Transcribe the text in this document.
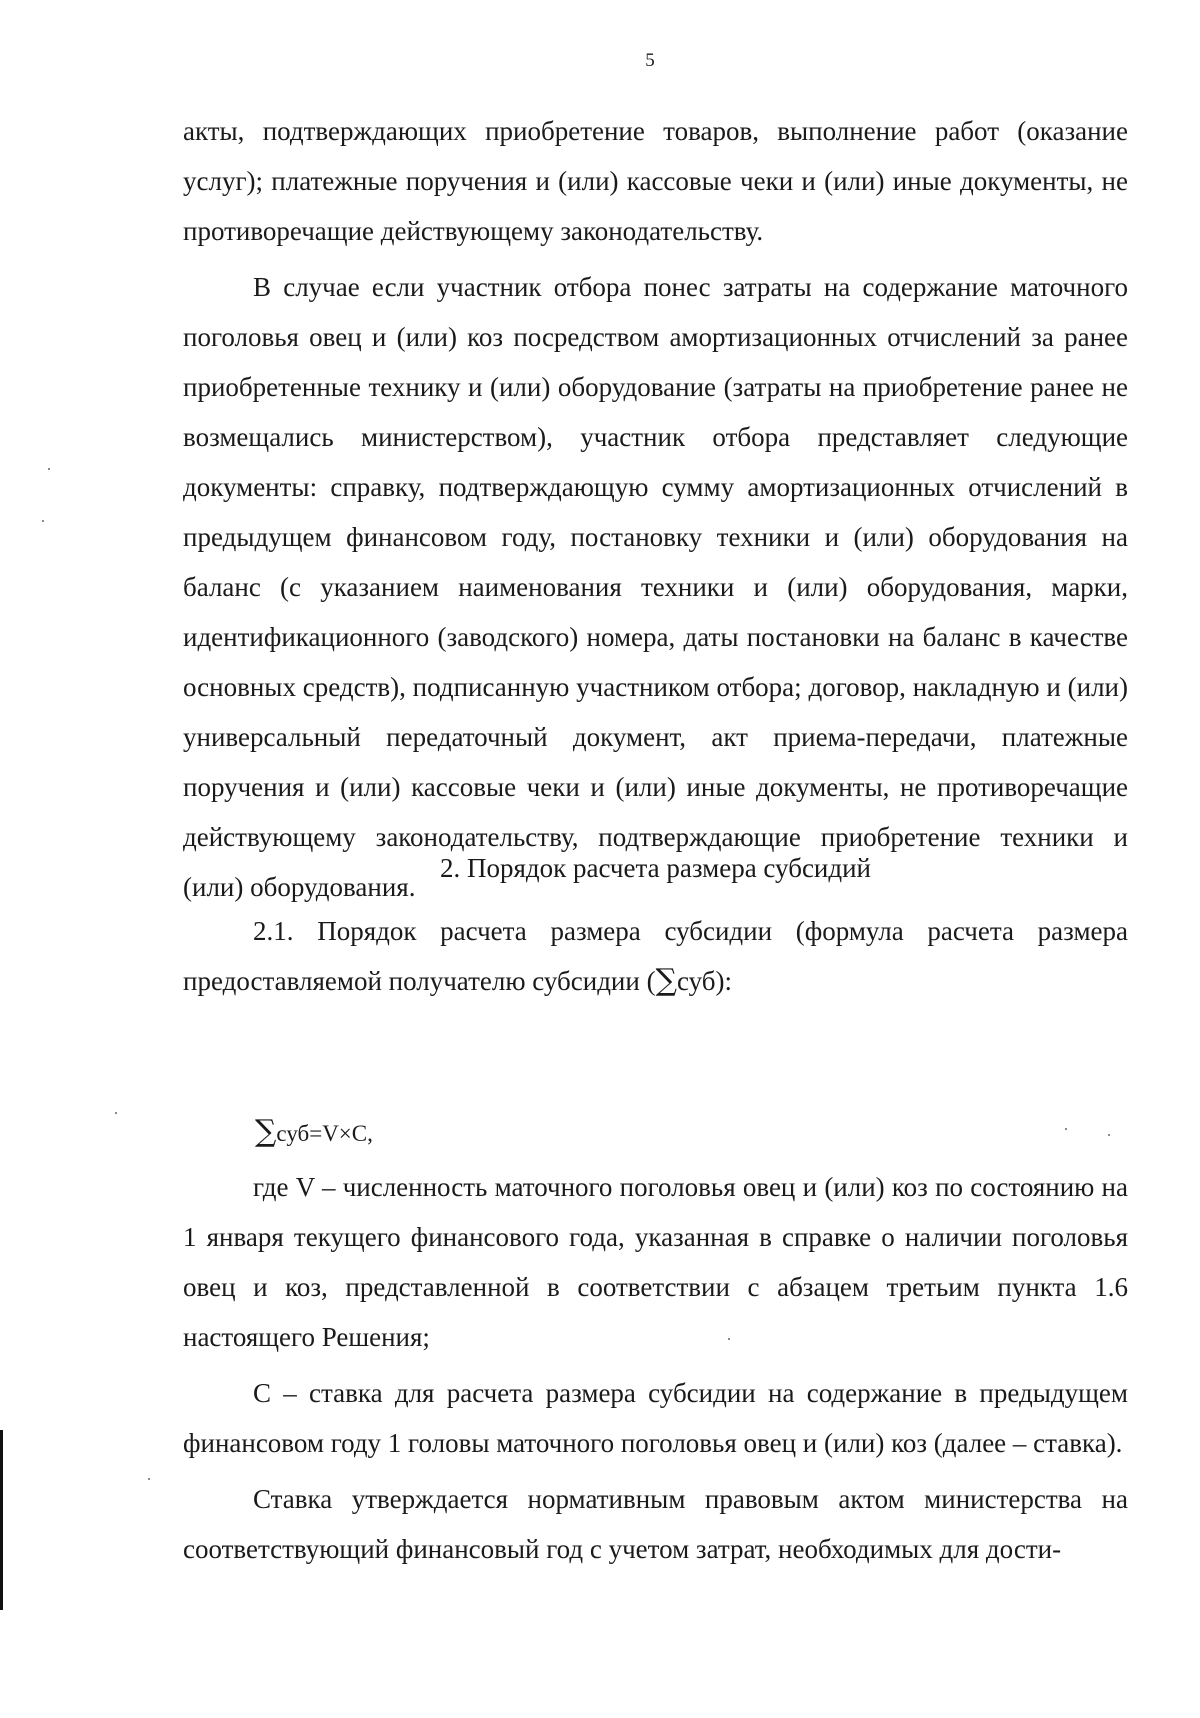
5

акты, подтверждающих приобретение товаров, выполнение работ (оказание услуг); платежные поручения и (или) кассовые чеки и (или) иные документы, не противоречащие действующему законодательству.

В случае если участник отбора понес затраты на содержание маточного поголовья овец и (или) коз посредством амортизационных отчислений за ранее приобретенные технику и (или) оборудование (затраты на приобретение ранее не возмещались министерством), участник отбора представляет следующие документы: справку, подтверждающую сумму амортизационных отчислений в предыдущем финансовом году, постановку техники и (или) оборудования на баланс (с указанием наименования техники и (или) оборудования, марки, идентификационного (заводского) номера, даты постановки на баланс в качестве основных средств), подписанную участником отбора; договор, накладную и (или) универсальный передаточный документ, акт приема-передачи, платежные поручения и (или) кассовые чеки и (или) иные документы, не противоречащие действующему законодательству, подтверждающие приобретение техники и (или) оборудования.

2. Порядок расчета размера субсидий

2.1. Порядок расчета размера субсидии (формула расчета размера предоставляемой получателю субсидии (∑суб):

∑суб=V×C,

где V – численность маточного поголовья овец и (или) коз по состоянию на 1 января текущего финансового года, указанная в справке о наличии поголовья овец и коз, представленной в соответствии с абзацем третьим пункта 1.6 настоящего Решения;

С – ставка для расчета размера субсидии на содержание в предыдущем финансовом году 1 головы маточного поголовья овец и (или) коз (далее – ставка).

Ставка утверждается нормативным правовым актом министерства на соответствующий финансовый год с учетом затрат, необходимых для дости-
